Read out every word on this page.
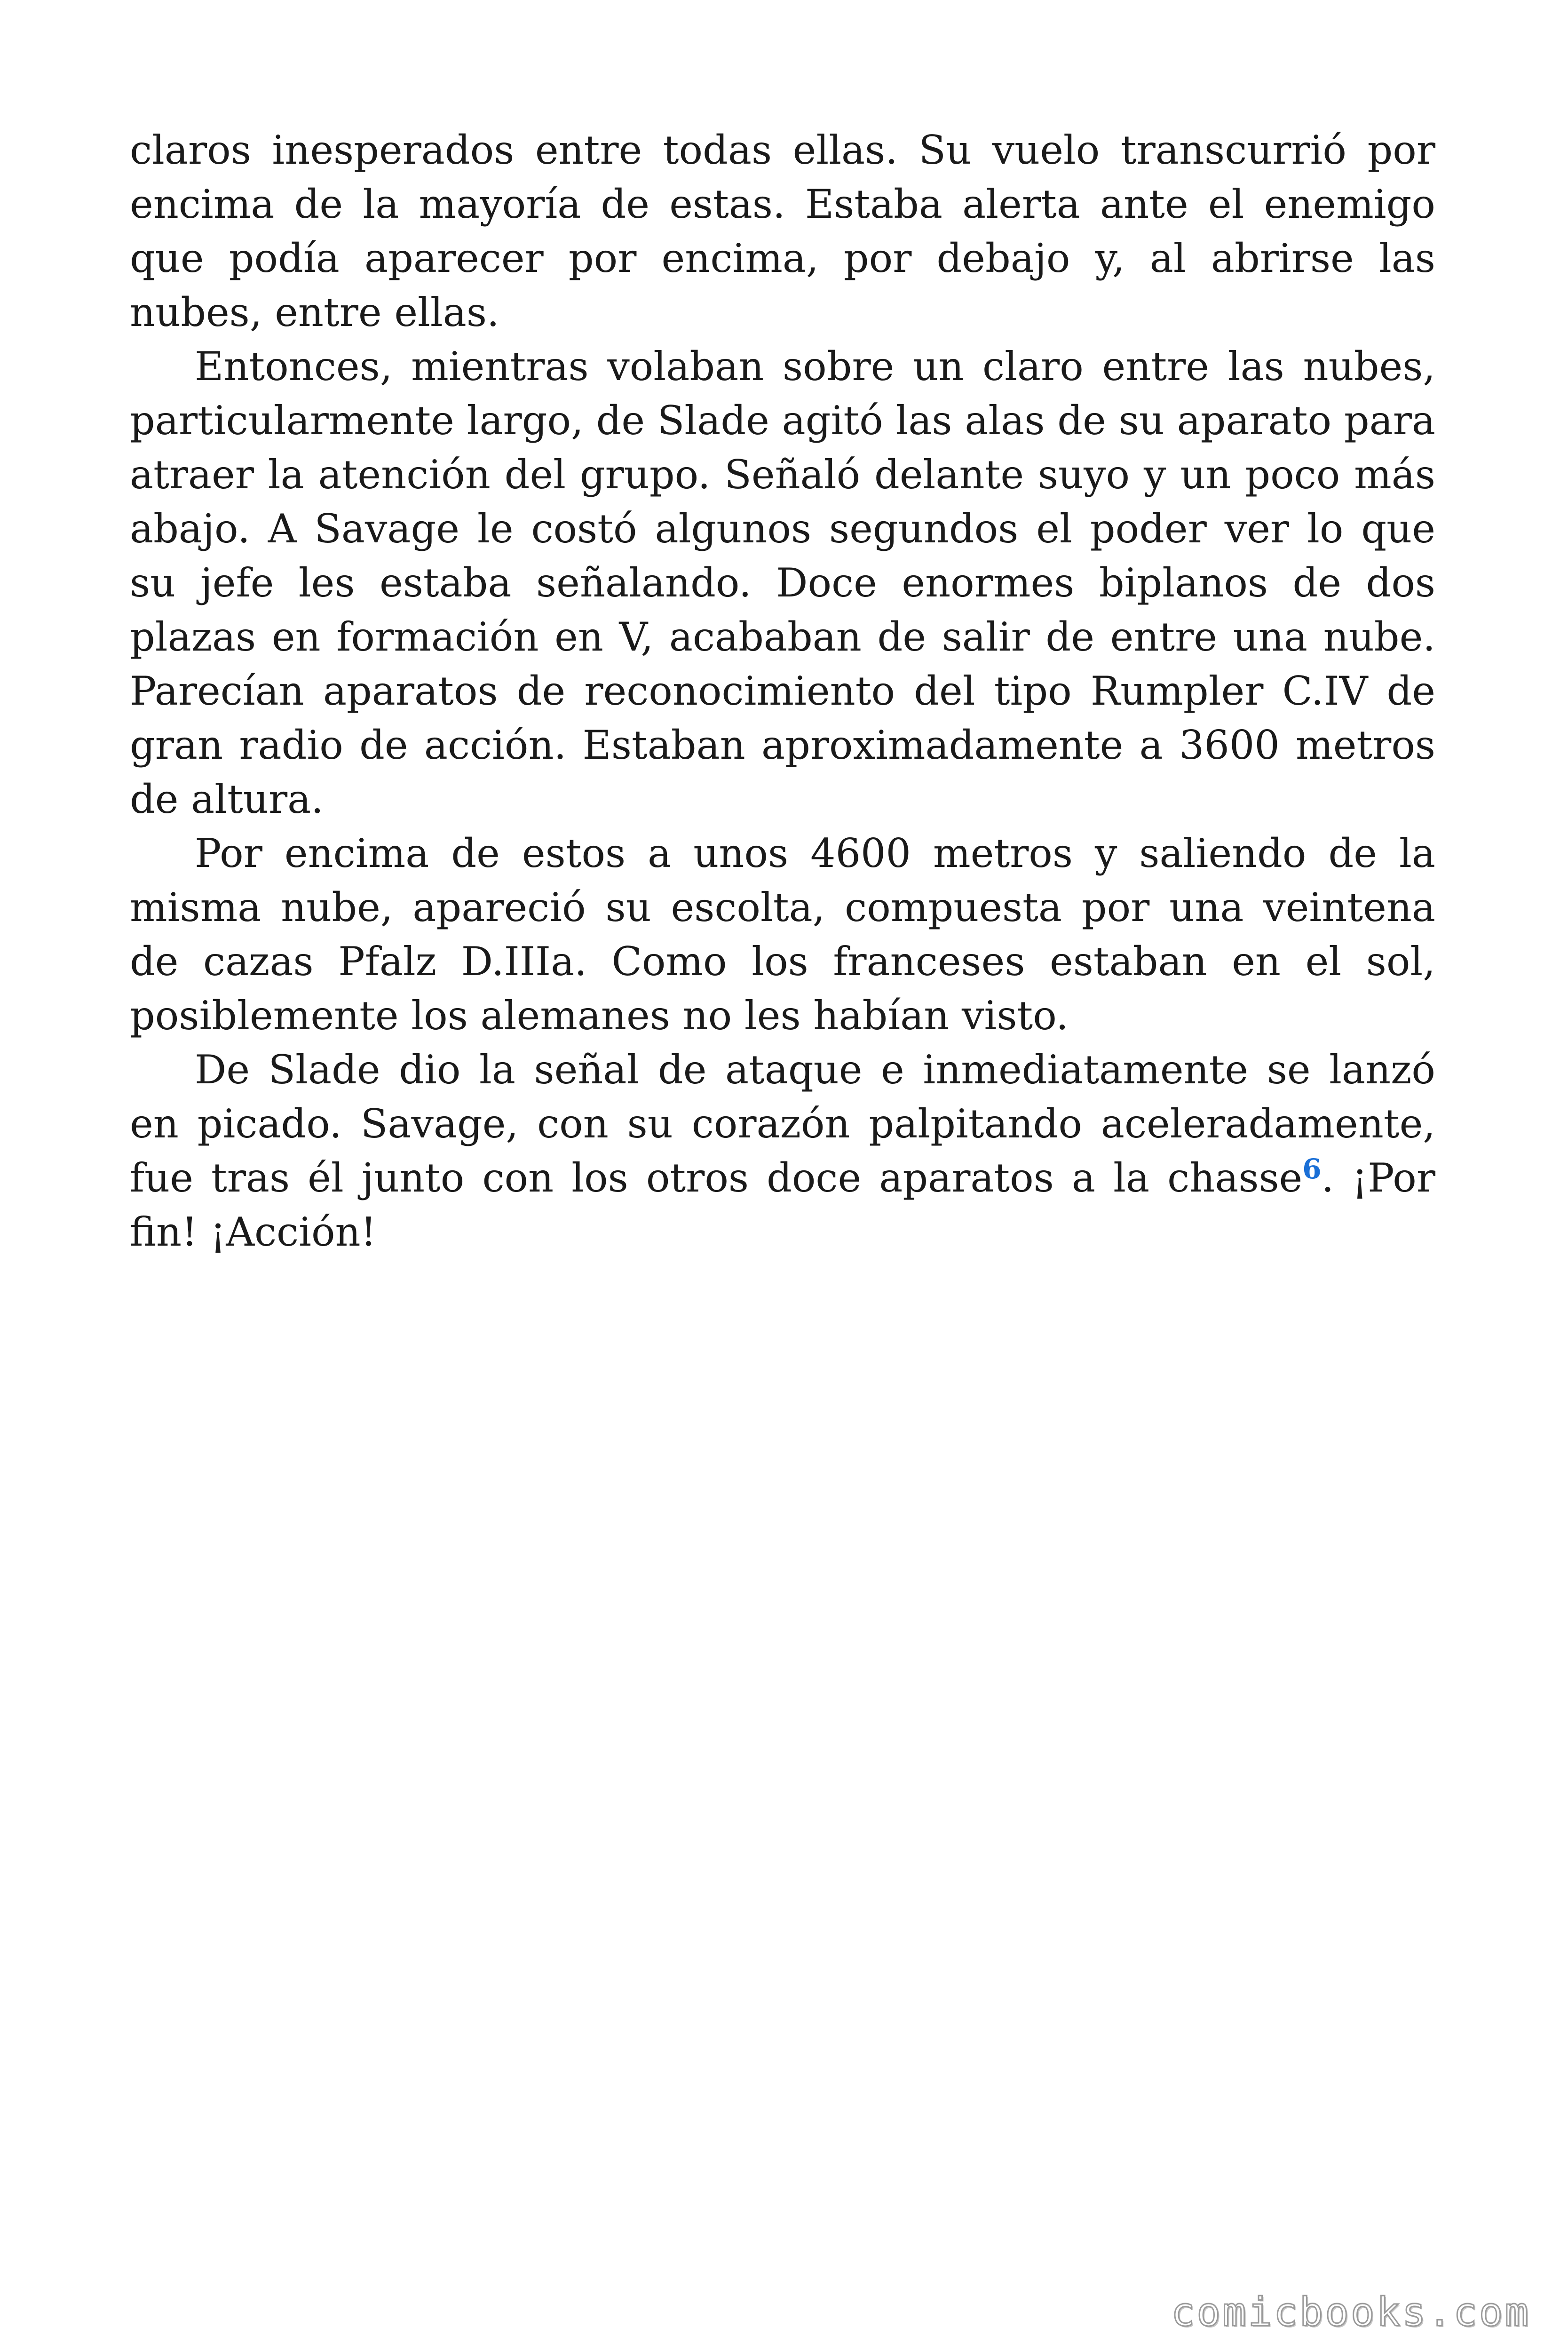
claros inesperados entre todas ellas. Su vuelo transcurrió por encima de la mayoría de estas. Estaba alerta ante el enemigo que podía aparecer por encima, por debajo y, al abrirse las nubes, entre ellas.

Entonces, mientras volaban sobre un claro entre las nubes, particularmente largo, de Slade agitó las alas de su aparato para atraer la atención del grupo. Señaló delante suyo y un poco más abajo. A Savage le costó algunos segundos el poder ver lo que su jefe les estaba señalando. Doce enormes biplanos de dos plazas en formación en V, acababan de salir de entre una nube. Parecían aparatos de reconocimiento del tipo Rumpler C.IV de gran radio de acción. Estaban aproximadamente a 3600 metros de altura.

Por encima de estos a unos 4600 metros y saliendo de la misma nube, apareció su escolta, compuesta por una veintena de cazas Pfalz D.IIIa. Como los franceses estaban en el sol, posiblemente los alemanes no les habían visto.

De Slade dio la señal de ataque e inmediatamente se lanzó en picado. Savage, con su corazón palpitando aceleradamente, fue tras él junto con los otros doce aparatos a la chasse$^6$. ¡Por fin! ¡Acción!

comicbooks.com
